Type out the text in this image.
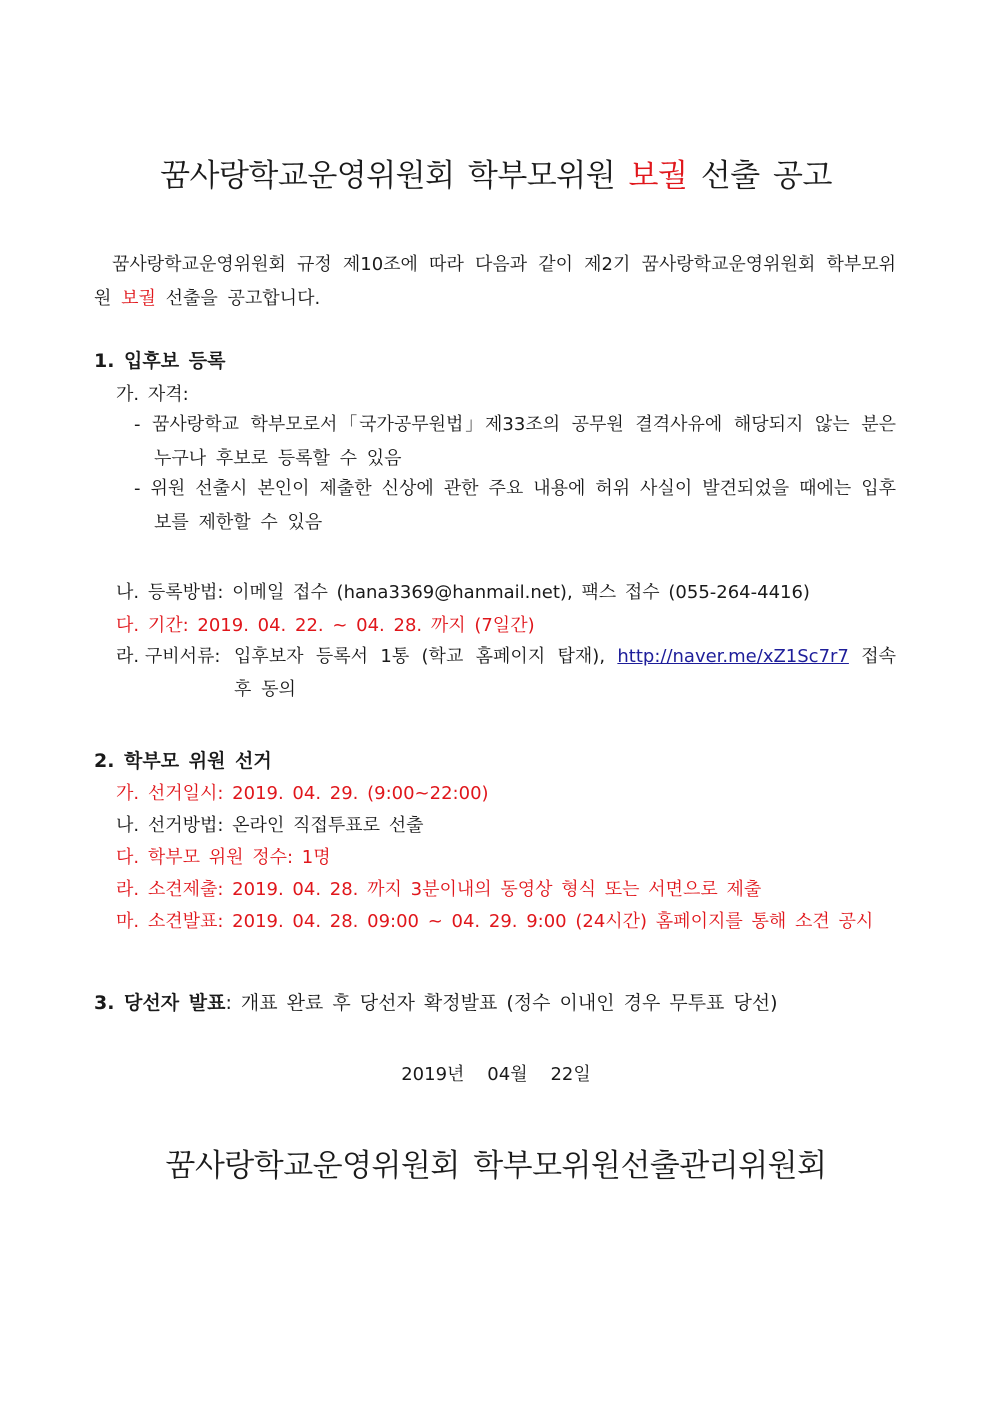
꿈사랑학교운영위원회 학부모위원 보궐 선출 공고
꿈사랑학교운영위원회 규정 제10조에 따라 다음과 같이 제2기 꿈사랑학교운영위원회 학부모위원 보궐 선출을 공고합니다.
1. 입후보 등록
가. 자격:
- 꿈사랑학교 학부모로서「국가공무원법」제33조의 공무원 결격사유에 해당되지 않는 분은 누구나 후보로 등록할 수 있음
- 위원 선출시 본인이 제출한 신상에 관한 주요 내용에 허위 사실이 발견되었을 때에는 입후보를 제한할 수 있음
나. 등록방법: 이메일 접수 (hana3369@hanmail.net), 팩스 접수 (055-264-4416)
다. 기간: 2019. 04. 22. ~ 04. 28. 까지 (7일간)
라. 구비서류: 입후보자 등록서 1통 (학교 홈페이지 탑재), http://naver.me/xZ1Sc7r7 접속 후 동의
2. 학부모 위원 선거
가. 선거일시: 2019. 04. 29. (9:00~22:00)
나. 선거방법: 온라인 직접투표로 선출
다. 학부모 위원 정수: 1명
라. 소견제출: 2019. 04. 28. 까지 3분이내의 동영상 형식 또는 서면으로 제출
마. 소견발표: 2019. 04. 28. 09:00 ~ 04. 29. 9:00 (24시간) 홈페이지를 통해 소견 공시
3. 당선자 발표: 개표 완료 후 당선자 확정발표 (정수 이내인 경우 무투표 당선)
2019년    04월    22일
꿈사랑학교운영위원회 학부모위원선출관리위원회
